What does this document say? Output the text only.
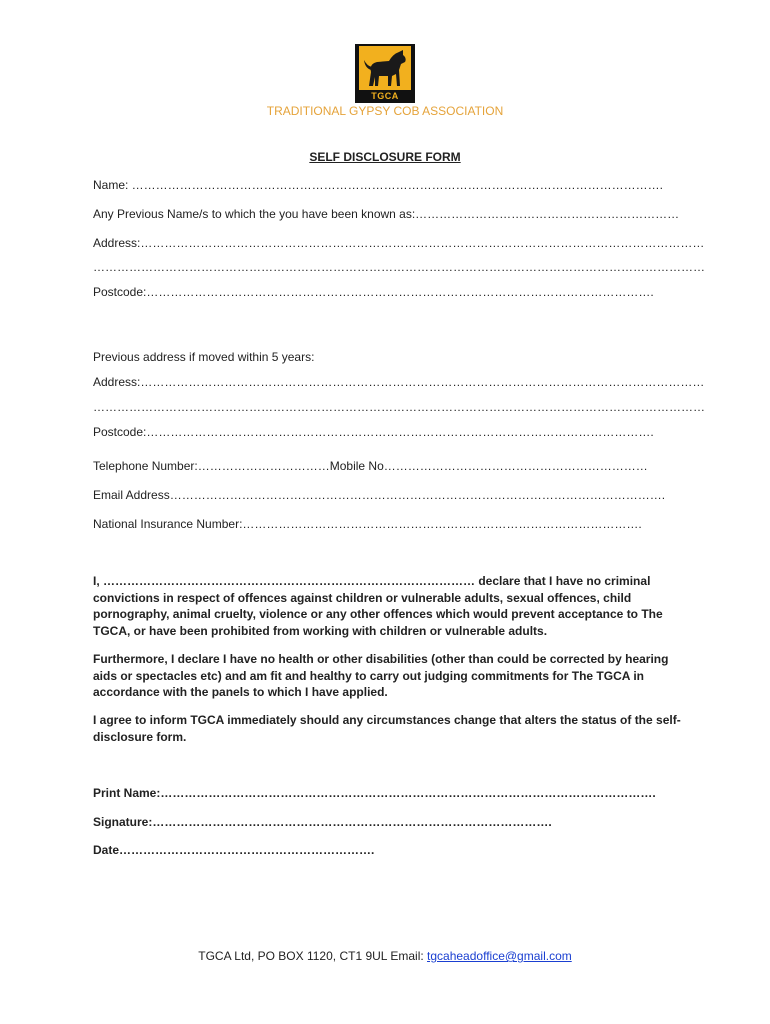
TGCA
TRADITIONAL GYPSY COB ASSOCIATION
SELF DISCLOSURE FORM
Name: …………………………………………………………………………………………………………………….
Any Previous Name/s to which the you have been known as:…………………………………………………………
Address:……………………………………………………………………………………………………………………………
………………………………………………………………………………………………………………………………………
Postcode:……………………………………………………………………………………………………………….
Previous address if moved within 5 years:
Address:……………………………………………………………………………………………………………………………
………………………………………………………………………………………………………………………………………
Postcode:……………………………………………………………………………………………………………….
Telephone Number:……………………………Mobile No…………………………………………………………
Email Address…………………………………………………………………………………………………………….
National Insurance Number:……………………………………………………………………………………….
I, ………………………………………………………………………………… declare that I have no criminal convictions in respect of offences against children or vulnerable adults, sexual offences, child pornography, animal cruelty, violence or any other offences which would prevent acceptance to The TGCA, or have been prohibited from working with children or vulnerable adults.
Furthermore, I declare I have no health or other disabilities (other than could be corrected by hearing aids or spectacles etc) and am fit and healthy to carry out judging commitments for The TGCA in accordance with the panels to which I have applied.
I agree to inform TGCA immediately should any circumstances change that alters the status of the self-disclosure form.
Print Name:…………………………………………………………………………………………………………….
Signature:……………………………………………………………………………………….
Date……………………………………………………….
TGCA Ltd, PO BOX 1120, CT1 9UL Email: tgcaheadoffice@gmail.com
